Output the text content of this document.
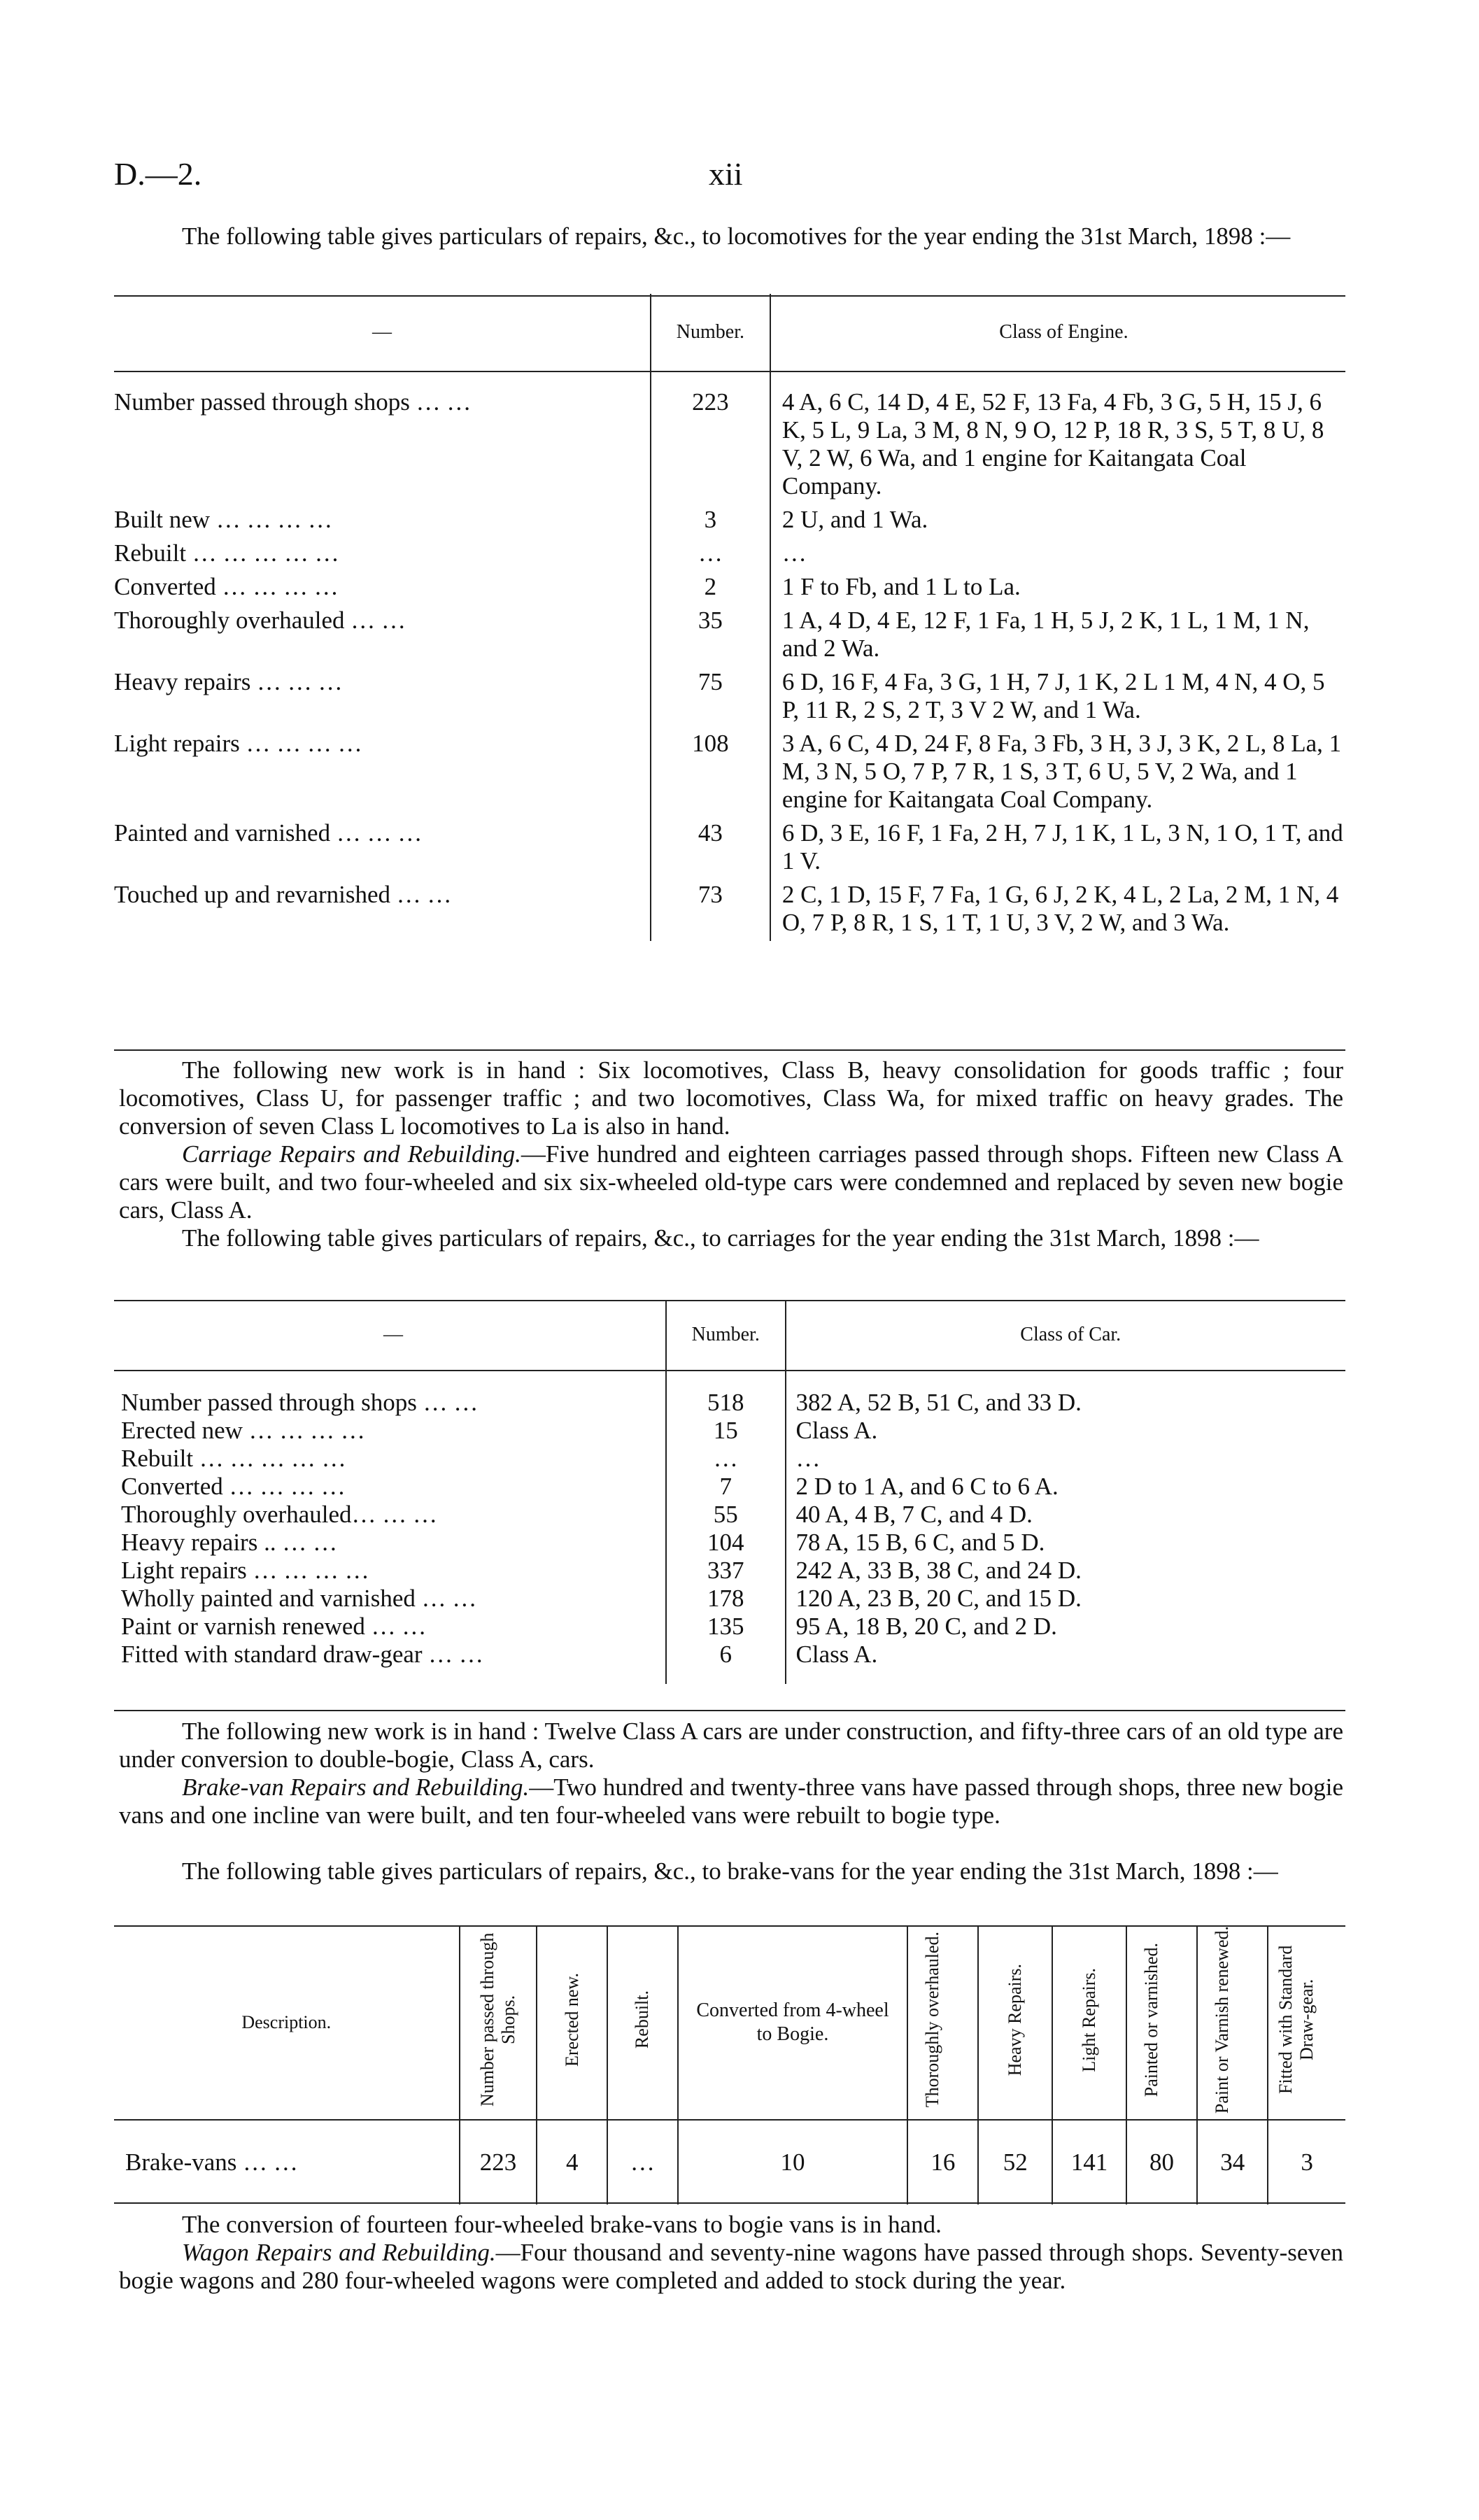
D.—2.	xii
The following table gives particulars of repairs, &c., to locomotives for the year ending the 31st March, 1898 :—
—	Number.	Class of Engine.

Number passed through shops … …	223	4 A, 6 C, 14 D, 4 E, 52 F, 13 Fa, 4 Fb, 3 G, 5 H, 15 J, 6 K, 5 L, 9 La, 3 M, 8 N, 9 O, 12 P, 18 R, 3 S, 5 T, 8 U, 8 V, 2 W, 6 Wa, and 1 engine for Kaitangata Coal Company.
Built new … … … …	3	2 U, and 1 Wa.
Rebuilt … … … … …	…	…
Converted … … … …	2	1 F to Fb, and 1 L to La.
Thoroughly overhauled … …	35	1 A, 4 D, 4 E, 12 F, 1 Fa, 1 H, 5 J, 2 K, 1 L, 1 M, 1 N, and 2 Wa.
Heavy repairs … … …	75	6 D, 16 F, 4 Fa, 3 G, 1 H, 7 J, 1 K, 2 L 1 M, 4 N, 4 O, 5 P, 11 R, 2 S, 2 T, 3 V 2 W, and 1 Wa.
Light repairs … … … …	108	3 A, 6 C, 4 D, 24 F, 8 Fa, 3 Fb, 3 H, 3 J, 3 K, 2 L, 8 La, 1 M, 3 N, 5 O, 7 P, 7 R, 1 S, 3 T, 6 U, 5 V, 2 Wa, and 1 engine for Kaitangata Coal Company.
Painted and varnished … … …	43	6 D, 3 E, 16 F, 1 Fa, 2 H, 7 J, 1 K, 1 L, 3 N, 1 O, 1 T, and 1 V.
Touched up and revarnished … …	73	2 C, 1 D, 15 F, 7 Fa, 1 G, 6 J, 2 K, 4 L, 2 La, 2 M, 1 N, 4 O, 7 P, 8 R, 1 S, 1 T, 1 U, 3 V, 2 W, and 3 Wa.
The following new work is in hand : Six locomotives, Class B, heavy consolidation for goods traffic ; four locomotives, Class U, for passenger traffic ; and two locomotives, Class Wa, for mixed traffic on heavy grades. The conversion of seven Class L locomotives to La is also in hand.
Carriage Repairs and Rebuilding.—Five hundred and eighteen carriages passed through shops. Fifteen new Class A cars were built, and two four-wheeled and six six-wheeled old-type cars were condemned and replaced by seven new bogie cars, Class A.
The following table gives particulars of repairs, &c., to carriages for the year ending the 31st March, 1898 :—
—	Number.	Class of Car.

Number passed through shops … …	518	382 A, 52 B, 51 C, and 33 D.
Erected new … … … …	15	Class A.
Rebuilt … … … … …	…	…
Converted … … … …	7	2 D to 1 A, and 6 C to 6 A.
Thoroughly overhauled… … …	55	40 A, 4 B, 7 C, and 4 D.
Heavy repairs .. … …	104	78 A, 15 B, 6 C, and 5 D.
Light repairs … … … …	337	242 A, 33 B, 38 C, and 24 D.
Wholly painted and varnished … …	178	120 A, 23 B, 20 C, and 15 D.
Paint or varnish renewed … …	135	95 A, 18 B, 20 C, and 2 D.
Fitted with standard draw-gear … …	6	Class A.

The following new work is in hand : Twelve Class A cars are under construction, and fifty-three cars of an old type are under conversion to double-bogie, Class A, cars.
Brake-van Repairs and Rebuilding.—Two hundred and twenty-three vans have passed through shops, three new bogie vans and one incline van were built, and ten four-wheeled vans were rebuilt to bogie type.
The following table gives particulars of repairs, &c., to brake-vans for the year ending the 31st March, 1898 :—
Description.	Number passed through Shops.	Erected new.	Rebuilt.	Converted from 4-wheel to Bogie.	Thoroughly overhauled.	Heavy Repairs.	Light Repairs.	Painted or varnished.	Paint or Varnish renewed.	Fitted with Standard Draw-gear.
Brake-vans … …	223	4	…	10	16	52	141	80	34	3
The conversion of fourteen four-wheeled brake-vans to bogie vans is in hand.
Wagon Repairs and Rebuilding.—Four thousand and seventy-nine wagons have passed through shops. Seventy-seven bogie wagons and 280 four-wheeled wagons were completed and added to stock during the year.
